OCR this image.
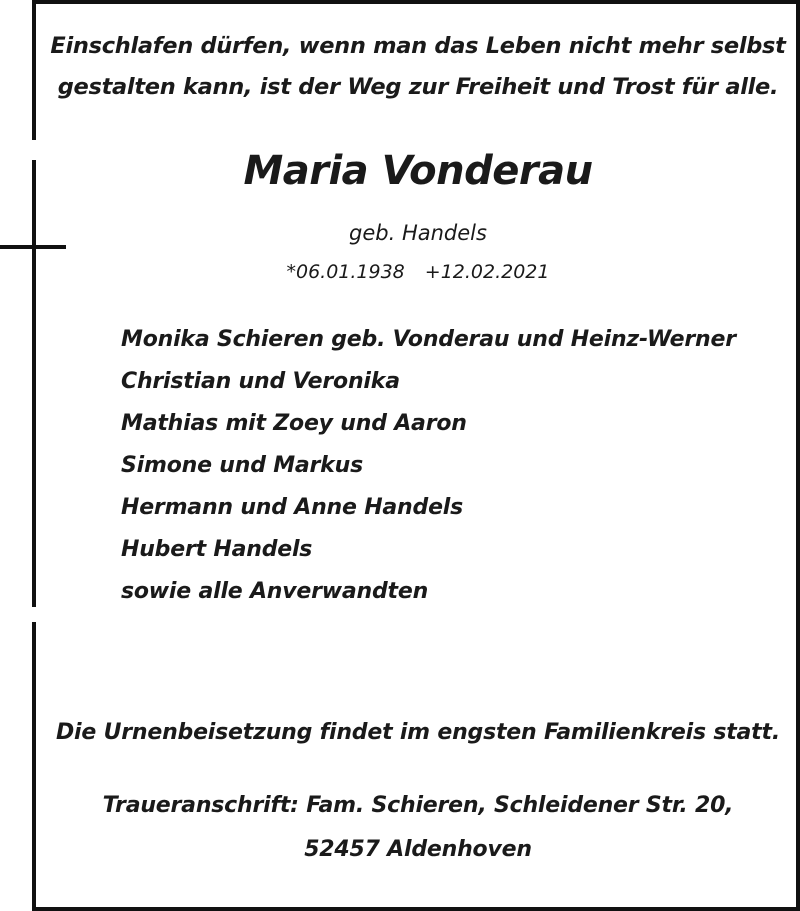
Einschlafen dürfen, wenn man das Leben nicht mehr selbst
gestalten kann, ist der Weg zur Freiheit und Trost für alle.
Maria Vonderau
geb. Handels
*06.01.1938 +12.02.2021
Monika Schieren geb. Vonderau und Heinz-Werner
Christian und Veronika
Mathias mit Zoey und Aaron
Simone und Markus
Hermann und Anne Handels
Hubert Handels
sowie alle Anverwandten
Die Urnenbeisetzung findet im engsten Familienkreis statt.
Traueranschrift: Fam. Schieren, Schleidener Str. 20,
52457 Aldenhoven
